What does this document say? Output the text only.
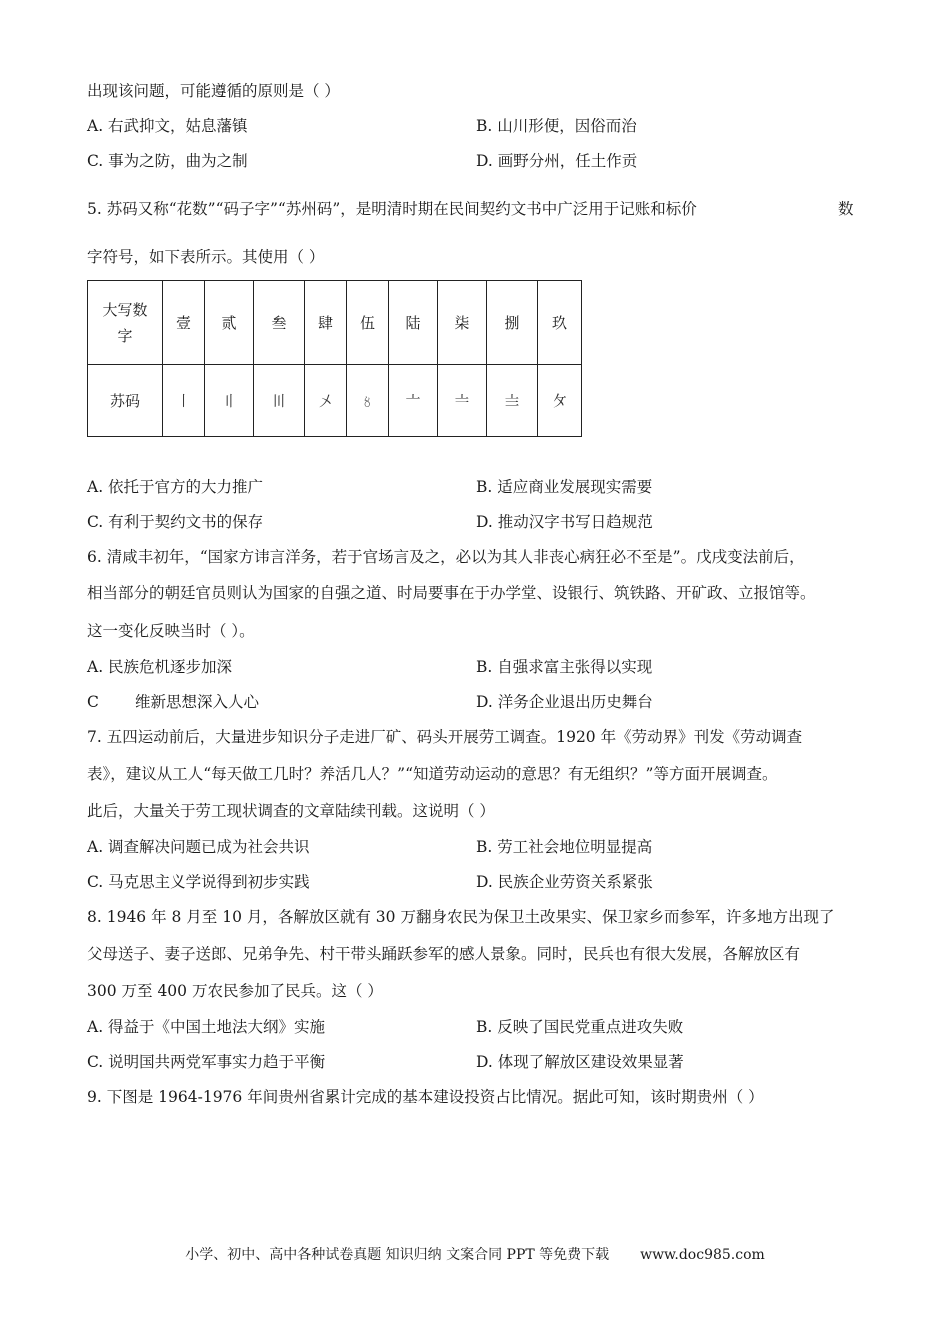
出现该问题，可能遵循的原则是（ ）
A. 右武抑文，姑息藩镇	B. 山川形便，因俗而治
C. 事为之防，曲为之制	D. 画野分州，任土作贡
5. 苏码又称“花数”“码子字”“苏州码”，是明清时期在民间契约文书中广泛用于记账和标价	数
字符号，如下表所示。其使用（ ）
大写数
字	壹	贰	叁	肆	伍	陆	柒	捌	玖
苏码	〡	〢	〣	〤	〥	〦	〧	〨	〩
A. 依托于官方的大力推广	B. 适应商业发展现实需要
C. 有利于契约文书的保存	D. 推动汉字书写日趋规范
6. 清咸丰初年，“国家方讳言洋务，若于官场言及之，必以为其人非丧心病狂必不至是”。戊戌变法前后，
相当部分的朝廷官员则认为国家的自强之道、时局要事在于办学堂、设银行、筑铁路、开矿政、立报馆等。
这一变化反映当时（ ）。
A. 民族危机逐步加深	B. 自强求富主张得以实现
C 维新思想深入人心	D. 洋务企业退出历史舞台
7. 五四运动前后，大量进步知识分子走进厂矿、码头开展劳工调查。1920 年《劳动界》刊发《劳动调查
表》，建议从工人“每天做工几时？养活几人？”“知道劳动运动的意思？有无组织？”等方面开展调查。
此后，大量关于劳工现状调查的文章陆续刊载。这说明（ ）
A. 调查解决问题已成为社会共识	B. 劳工社会地位明显提高
C. 马克思主义学说得到初步实践	D. 民族企业劳资关系紧张
8. 1946 年 8 月至 10 月，各解放区就有 30 万翻身农民为保卫土改果实、保卫家乡而参军，许多地方出现了
父母送子、妻子送郎、兄弟争先、村干带头踊跃参军的感人景象。同时，民兵也有很大发展，各解放区有
300 万至 400 万农民参加了民兵。这（ ）
A. 得益于《中国土地法大纲》实施	B. 反映了国民党重点进攻失败
C. 说明国共两党军事实力趋于平衡	D. 体现了解放区建设效果显著
9. 下图是 1964-1976 年间贵州省累计完成的基本建设投资占比情况。据此可知，该时期贵州（ ）
小学、初中、高中各种试卷真题 知识归纳 文案合同 PPT 等免费下载 www.doc985.com
